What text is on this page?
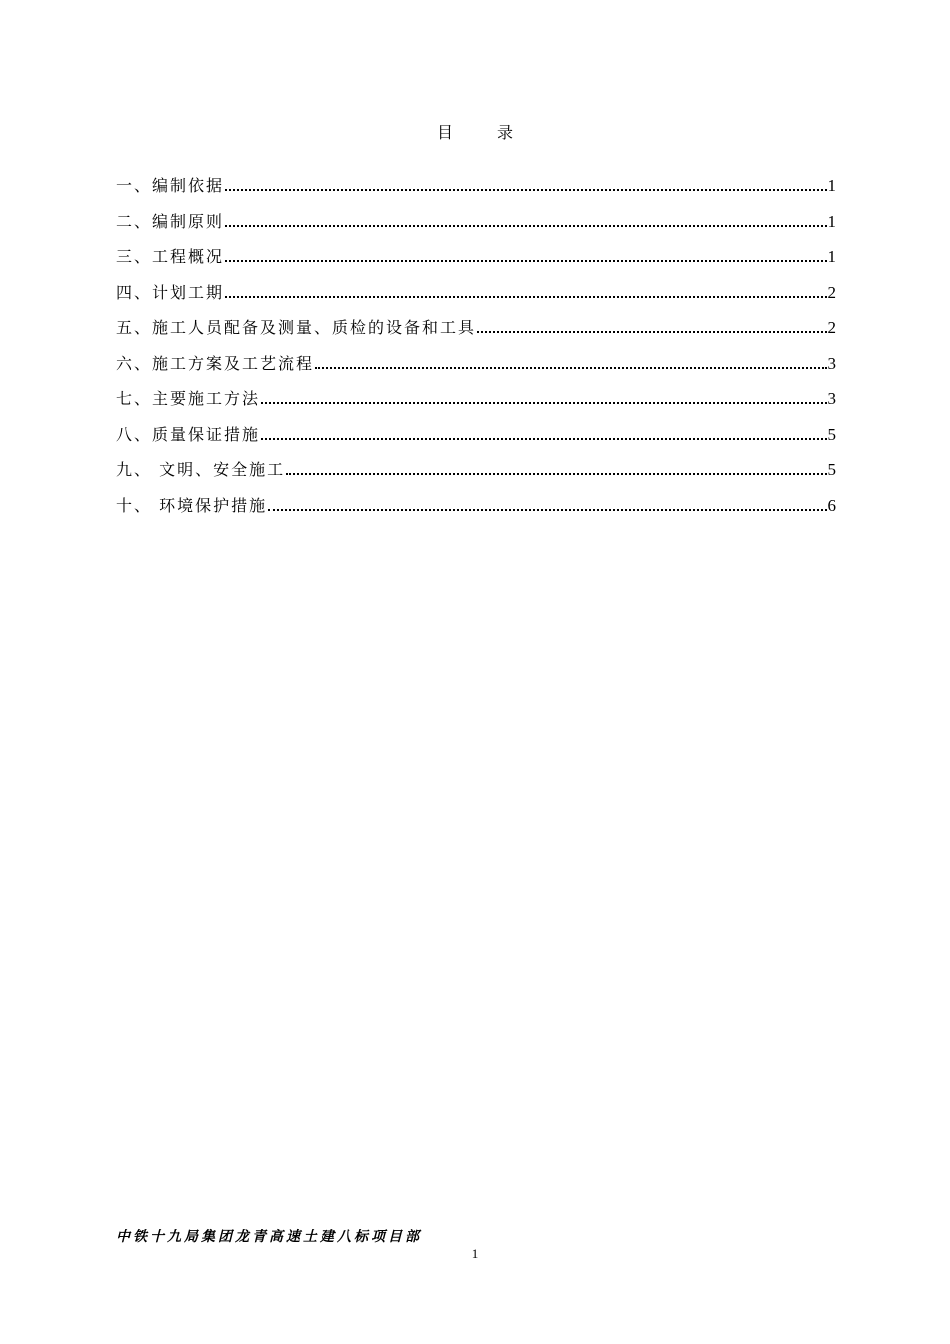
目　录
一、编制依据	1
二、编制原则	1
三、工程概况	1
四、计划工期	2
五、施工人员配备及测量、质检的设备和工具	2
六、施工方案及工艺流程	3
七、主要施工方法	3
八、质量保证措施	5
九、 文明、安全施工	5
十、 环境保护措施	6
中铁十九局集团龙青高速土建八标项目部
1
